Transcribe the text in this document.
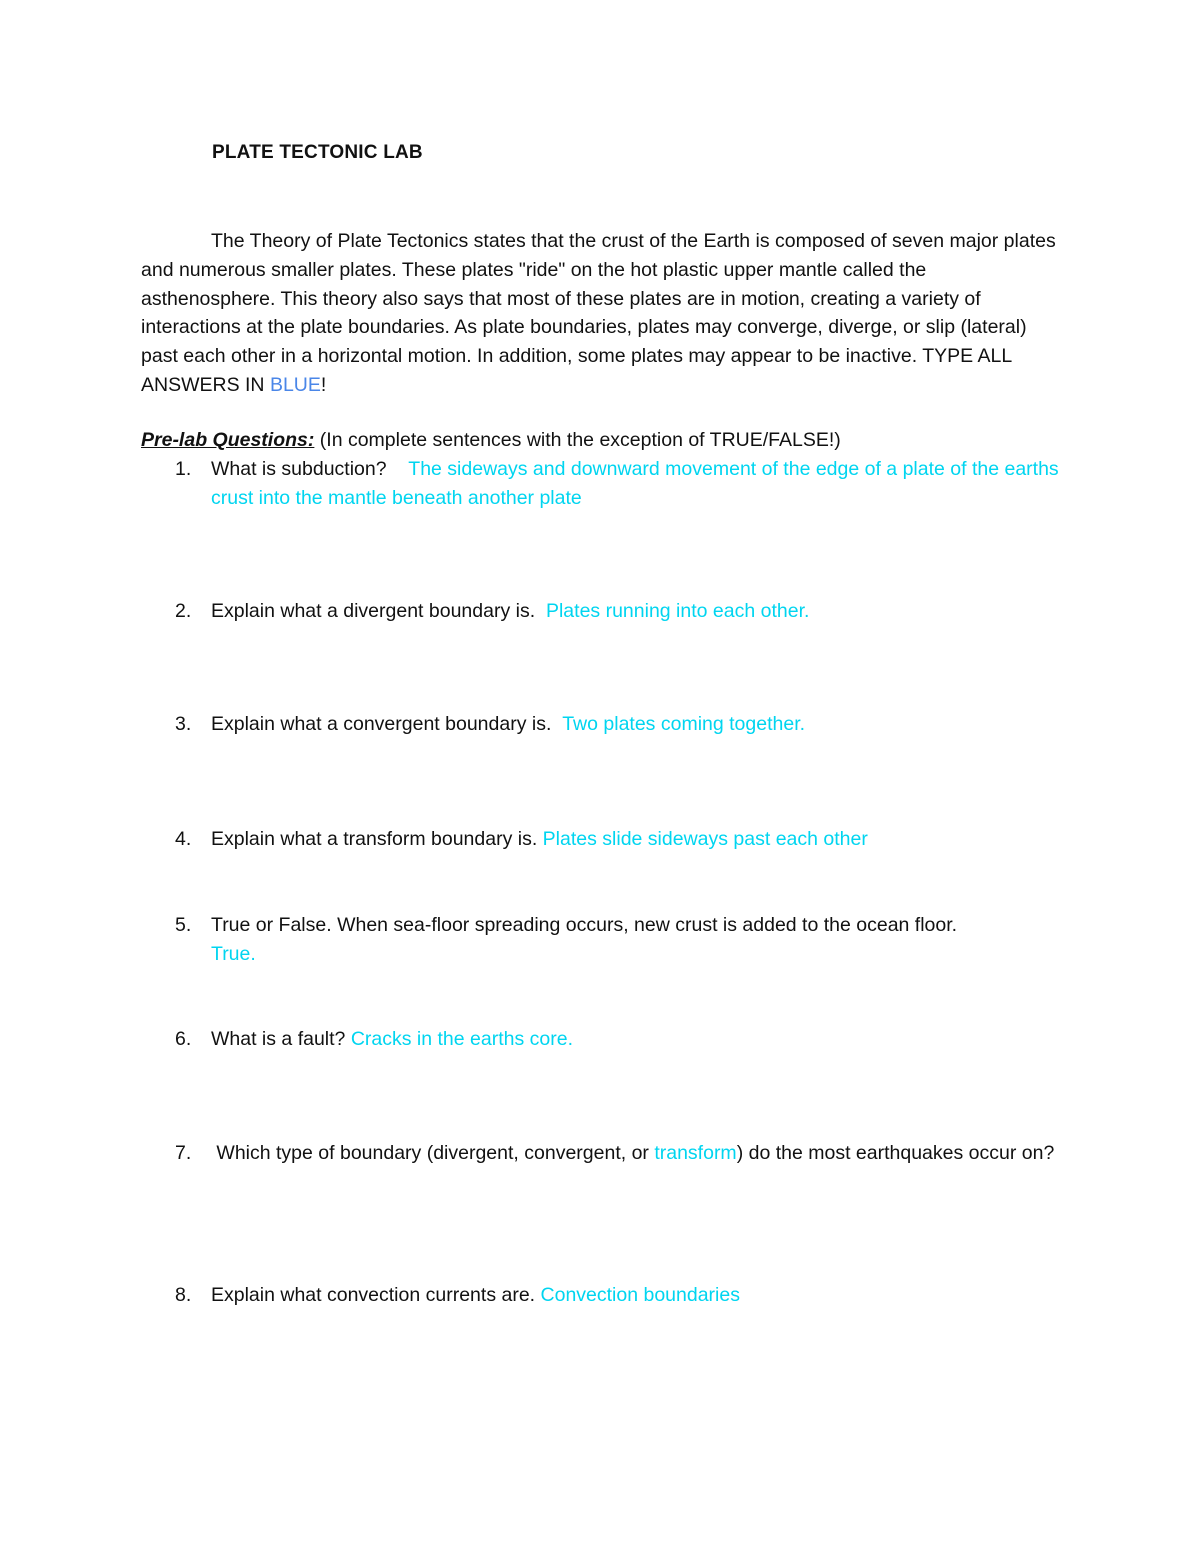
PLATE TECTONIC LAB
The Theory of Plate Tectonics states that the crust of the Earth is composed of seven major plates and numerous smaller plates. These plates "ride" on the hot plastic upper mantle called the asthenosphere. This theory also says that most of these plates are in motion, creating a variety of interactions at the plate boundaries. As plate boundaries, plates may converge, diverge, or slip (lateral) past each other in a horizontal motion. In addition, some plates may appear to be inactive. TYPE ALL ANSWERS IN BLUE!
Pre-lab Questions: (In complete sentences with the exception of TRUE/FALSE!)
1. What is subduction? The sideways and downward movement of the edge of a plate of the earths crust into the mantle beneath another plate
2. Explain what a divergent boundary is. Plates running into each other.
3. Explain what a convergent boundary is. Two plates coming together.
4. Explain what a transform boundary is. Plates slide sideways past each other
5. True or False. When sea-floor spreading occurs, new crust is added to the ocean floor.
True.
6. What is a fault? Cracks in the earths core.
7. Which type of boundary (divergent, convergent, or transform) do the most earthquakes occur on?
8. Explain what convection currents are. Convection boundaries
